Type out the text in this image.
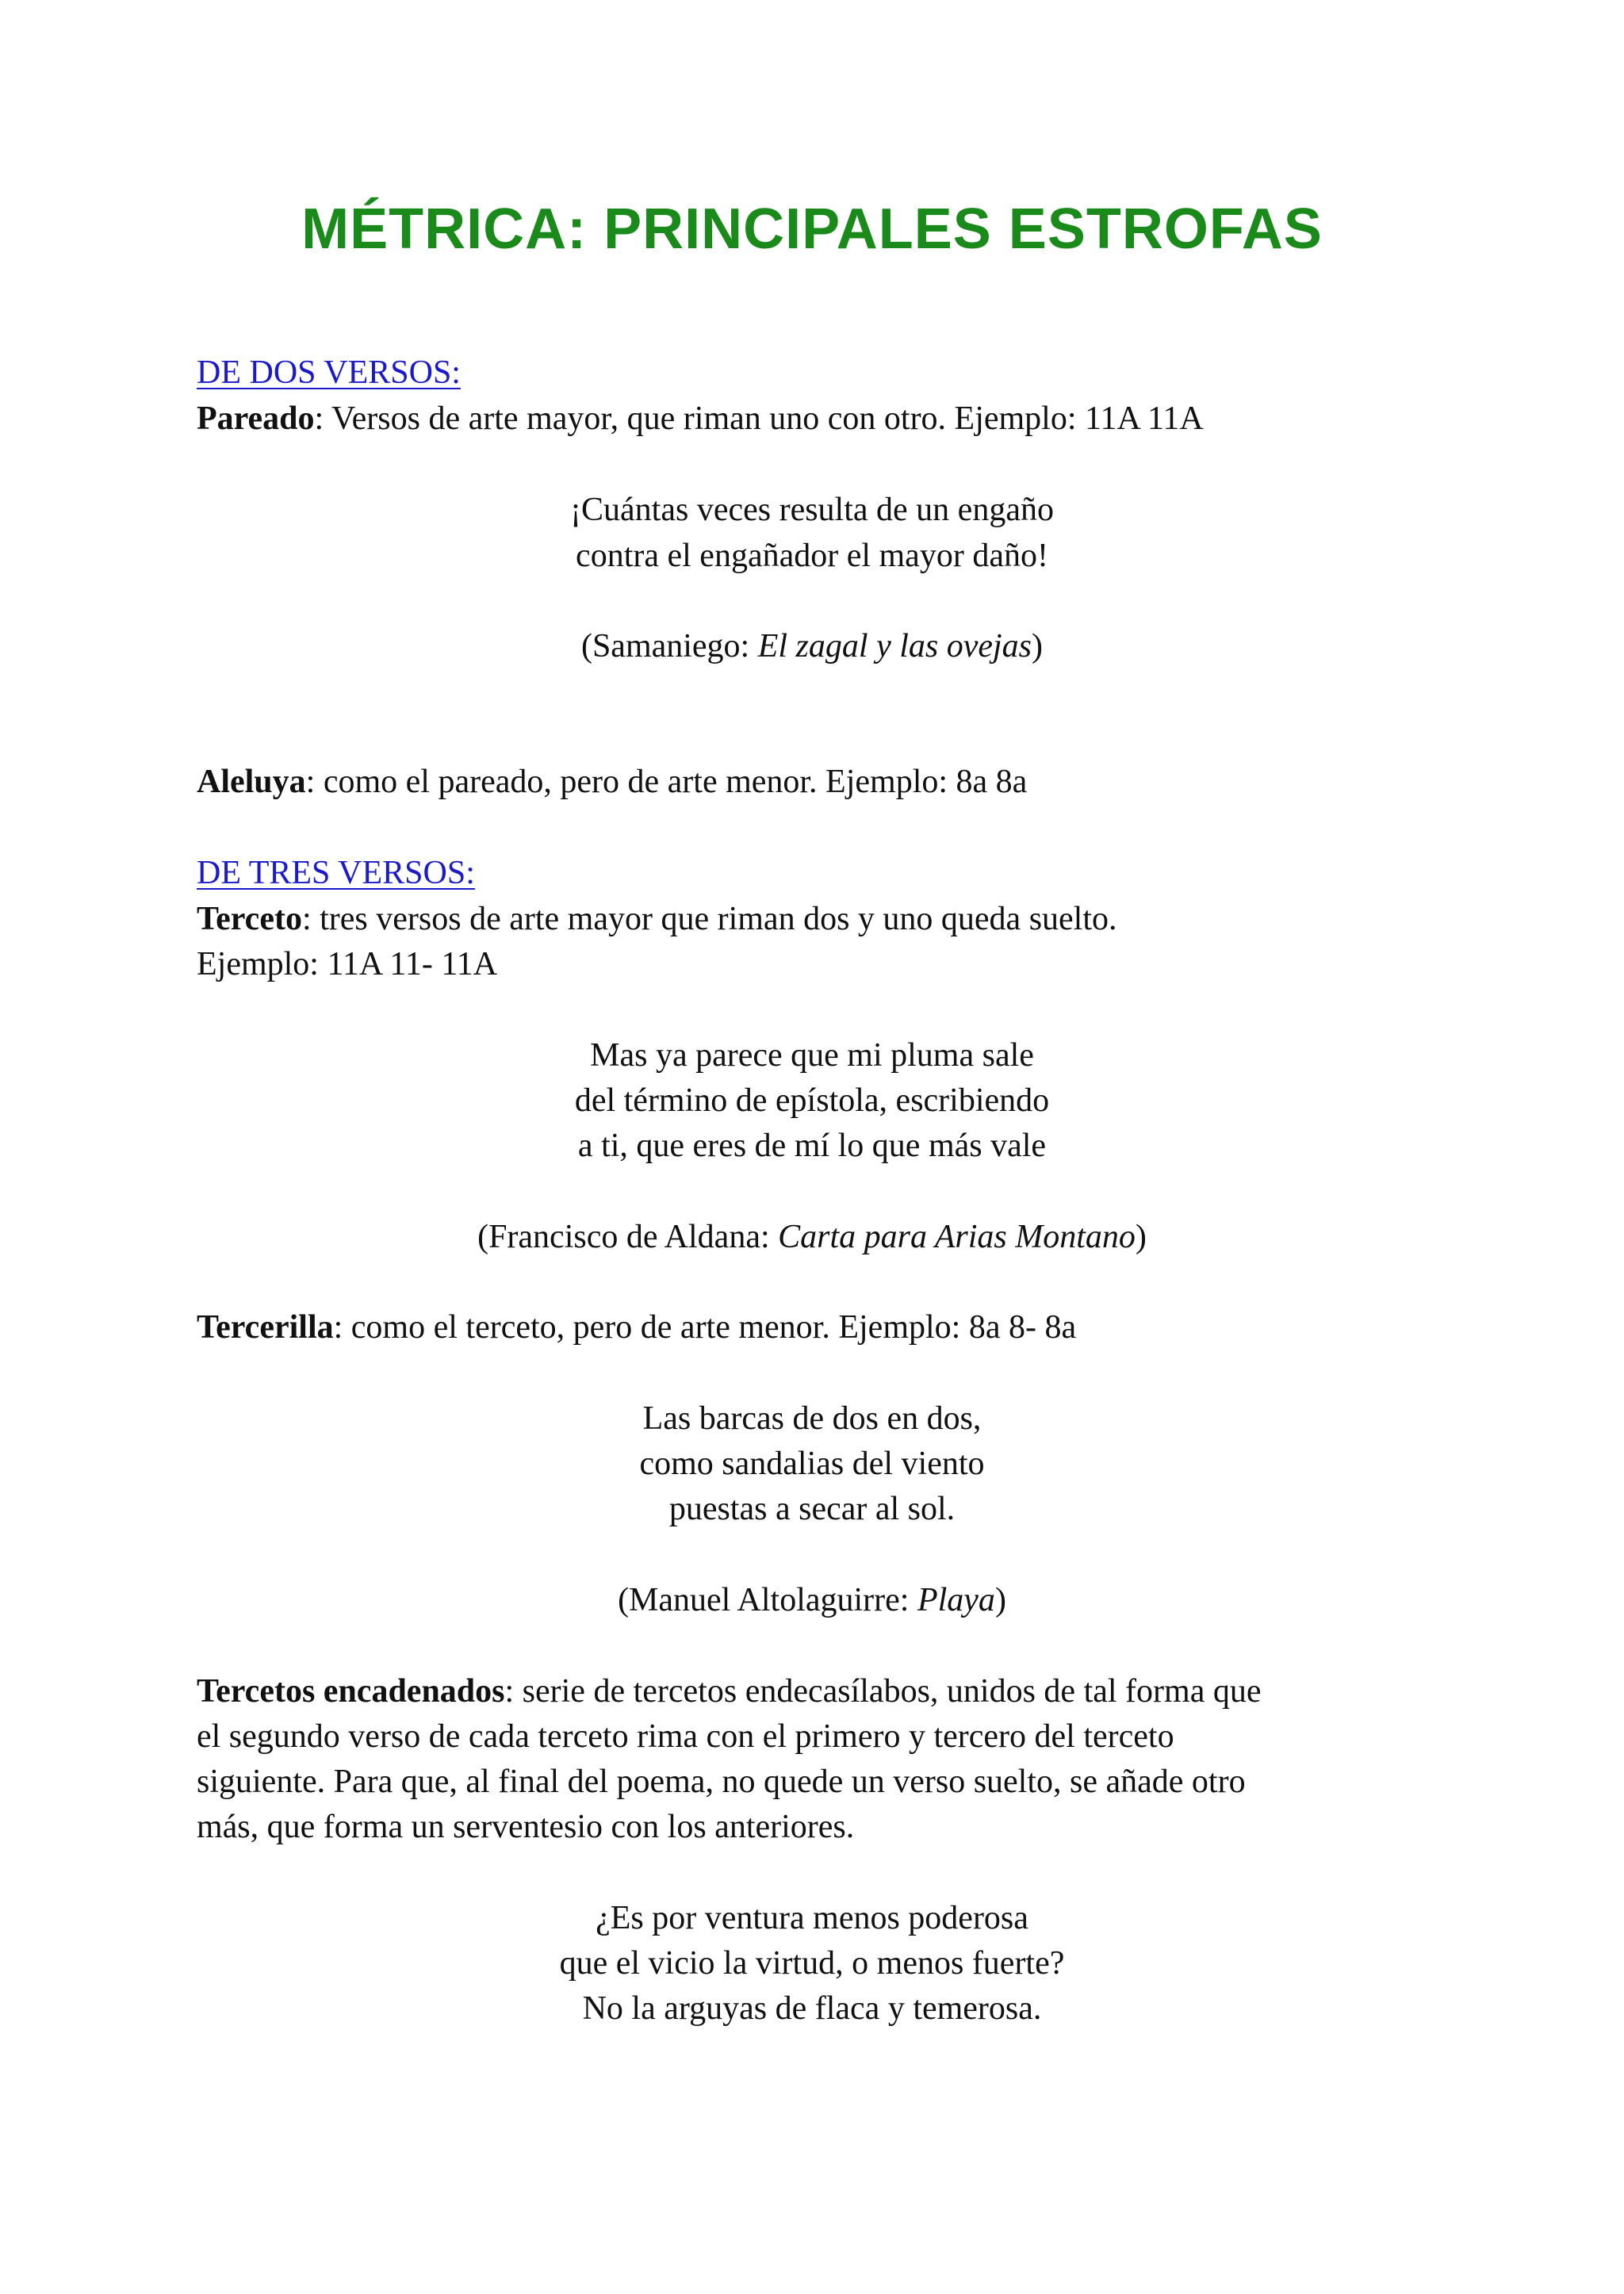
MÉTRICA: PRINCIPALES ESTROFAS

DE DOS VERSOS:

Pareado: Versos de arte mayor, que riman uno con otro. Ejemplo: 11A 11A

¡Cuántas veces resulta de un engaño

contra el engañador el mayor daño!

(Samaniego: El zagal y las ovejas)

Aleluya: como el pareado, pero de arte menor. Ejemplo: 8a 8a

DE TRES VERSOS:

Terceto: tres versos de arte mayor que riman dos y uno queda suelto.

Ejemplo: 11A 11- 11A

Mas ya parece que mi pluma sale

del término de epístola, escribiendo

a ti, que eres de mí lo que más vale

(Francisco de Aldana: Carta para Arias Montano)

Tercerilla: como el terceto, pero de arte menor. Ejemplo: 8a 8- 8a

Las barcas de dos en dos,

como sandalias del viento

puestas a secar al sol.

(Manuel Altolaguirre: Playa)

Tercetos encadenados: serie de tercetos endecasílabos, unidos de tal forma que

el segundo verso de cada terceto rima con el primero y tercero del terceto

siguiente. Para que, al final del poema, no quede un verso suelto, se añade otro

más, que forma un serventesio con los anteriores.

¿Es por ventura menos poderosa

que el vicio la virtud, o menos fuerte?

No la arguyas de flaca y temerosa.
